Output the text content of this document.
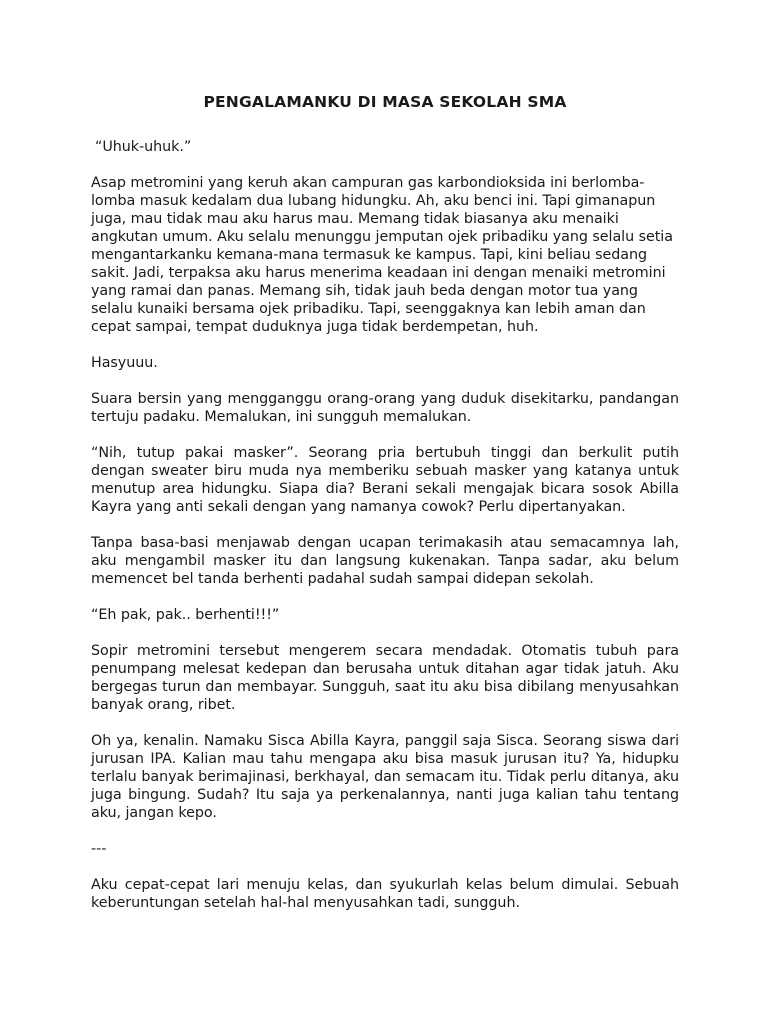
PENGALAMANKU DI MASA SEKOLAH SMA

“Uhuk-uhuk.”

Asap metromini yang keruh akan campuran gas karbondioksida ini berlomba-lomba masuk kedalam dua lubang hidungku. Ah, aku benci ini. Tapi gimanapun juga, mau tidak mau aku harus mau. Memang tidak biasanya aku menaiki angkutan umum. Aku selalu menunggu jemputan ojek pribadiku yang selalu setia mengantarkanku kemana-mana termasuk ke kampus. Tapi, kini beliau sedang sakit. Jadi, terpaksa aku harus menerima keadaan ini dengan menaiki metromini yang ramai dan panas. Memang sih, tidak jauh beda dengan motor tua yang selalu kunaiki bersama ojek pribadiku. Tapi, seenggaknya kan lebih aman dan cepat sampai, tempat duduknya juga tidak berdempetan, huh.

Hasyuuu.

Suara bersin yang mengganggu orang-orang yang duduk disekitarku, pandangan tertuju padaku. Memalukan, ini sungguh memalukan.

“Nih, tutup pakai masker”. Seorang pria bertubuh tinggi dan berkulit putih dengan sweater biru muda nya memberiku sebuah masker yang katanya untuk menutup area hidungku. Siapa dia? Berani sekali mengajak bicara sosok Abilla Kayra yang anti sekali dengan yang namanya cowok? Perlu dipertanyakan.

Tanpa basa-basi menjawab dengan ucapan terimakasih atau semacamnya lah, aku mengambil masker itu dan langsung kukenakan. Tanpa sadar, aku belum memencet bel tanda berhenti padahal sudah sampai didepan sekolah.

“Eh pak, pak.. berhenti!!!”

Sopir metromini tersebut mengerem secara mendadak. Otomatis tubuh para penumpang melesat kedepan dan berusaha untuk ditahan agar tidak jatuh. Aku bergegas turun dan membayar. Sungguh, saat itu aku bisa dibilang menyusahkan banyak orang, ribet.

Oh ya, kenalin. Namaku Sisca Abilla Kayra, panggil saja Sisca. Seorang siswa dari jurusan IPA. Kalian mau tahu mengapa aku bisa masuk jurusan itu? Ya, hidupku terlalu banyak berimajinasi, berkhayal, dan semacam itu. Tidak perlu ditanya, aku juga bingung. Sudah? Itu saja ya perkenalannya, nanti juga kalian tahu tentang aku, jangan kepo.

---

Aku cepat-cepat lari menuju kelas, dan syukurlah kelas belum dimulai. Sebuah keberuntungan setelah hal-hal menyusahkan tadi, sungguh.
